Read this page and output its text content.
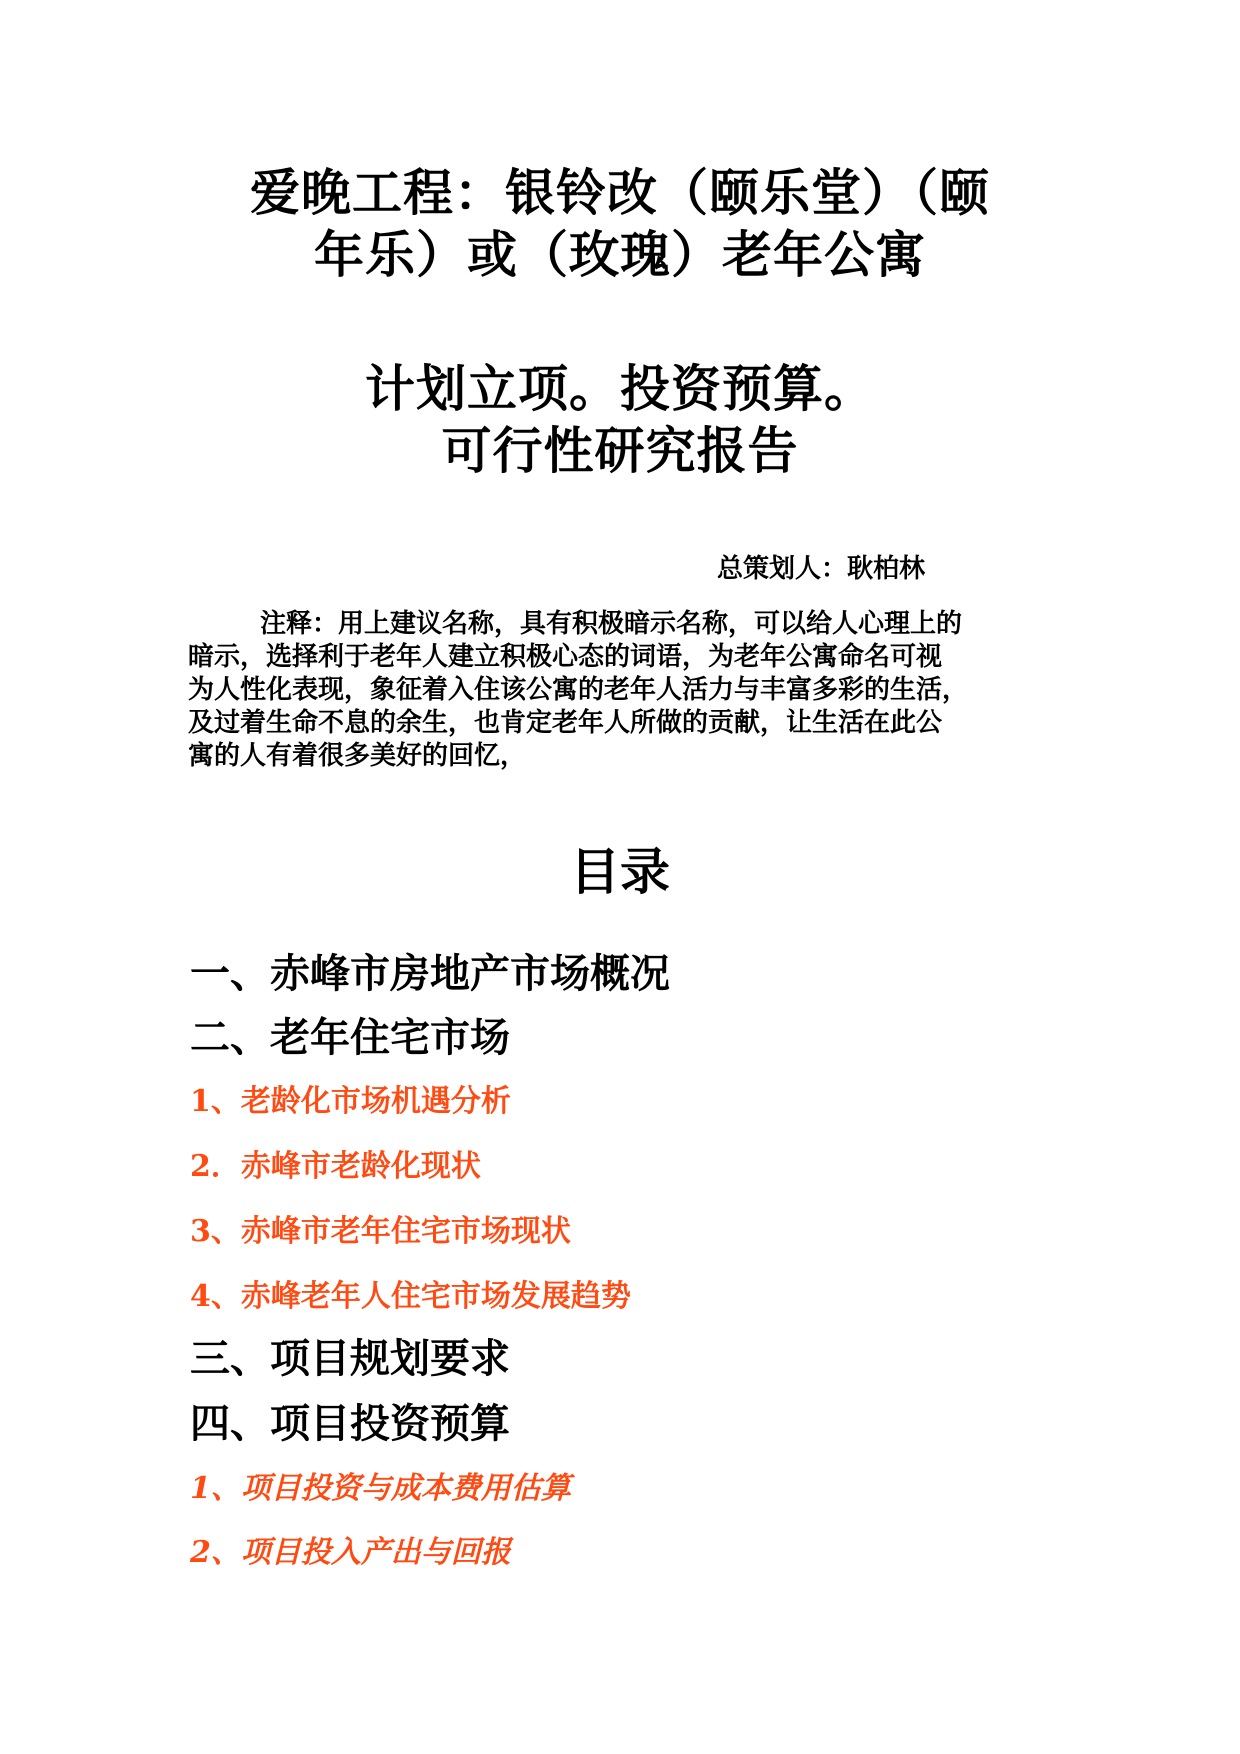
爱晚工程：银铃改（颐乐堂）（颐
年乐）或（玫瑰）老年公寓
计划立项。投资预算。
可行性研究报告
总策划人：耿柏林
注释：用上建议名称，具有积极暗示名称，可以给人心理上的
暗示，选择利于老年人建立积极心态的词语，为老年公寓命名可视
为人性化表现，象征着入住该公寓的老年人活力与丰富多彩的生活，
及过着生命不息的余生，也肯定老年人所做的贡献，让生活在此公
寓的人有着很多美好的回忆，
目录
一、赤峰市房地产市场概况
二、老年住宅市场
1、老龄化市场机遇分析
2．赤峰市老龄化现状
3、赤峰市老年住宅市场现状
4、赤峰老年人住宅市场发展趋势
三、项目规划要求
四、项目投资预算
1、项目投资与成本费用估算
2、项目投入产出与回报
